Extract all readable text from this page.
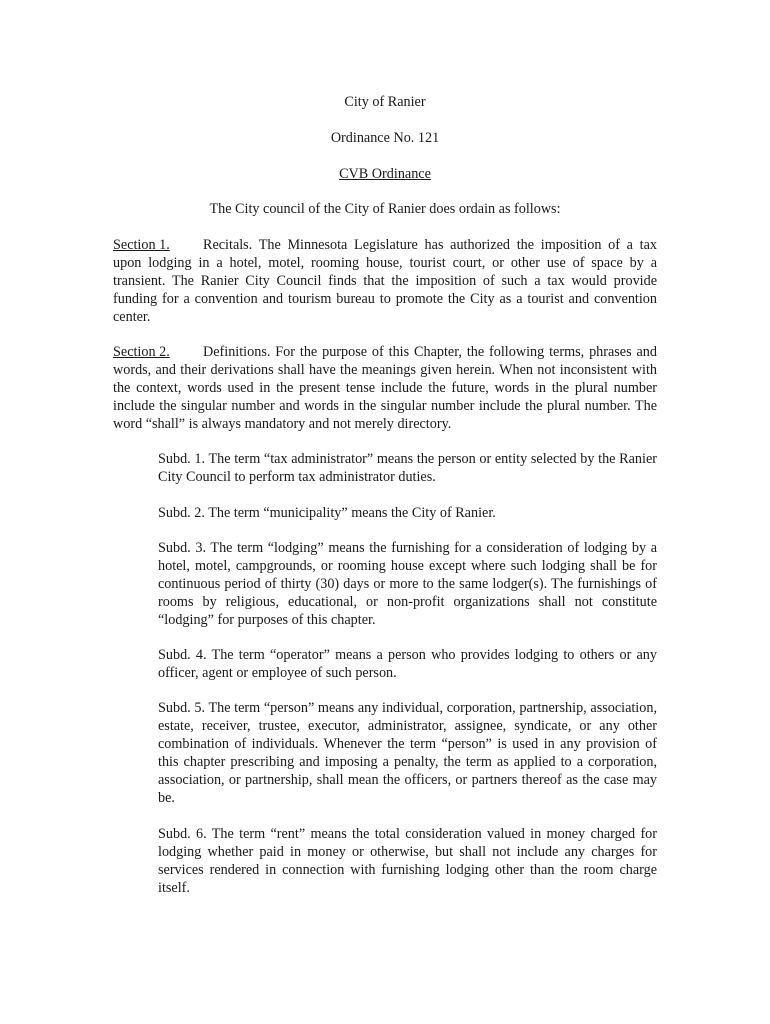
City of Ranier
Ordinance No. 121
CVB Ordinance
The City council of the City of Ranier does ordain as follows:

Section 1. Recitals. The Minnesota Legislature has authorized the imposition of a tax upon lodging in a hotel, motel, rooming house, tourist court, or other use of space by a transient. The Ranier City Council finds that the imposition of such a tax would provide funding for a convention and tourism bureau to promote the City as a tourist and convention center.

Section 2. Definitions. For the purpose of this Chapter, the following terms, phrases and words, and their derivations shall have the meanings given herein. When not inconsistent with the context, words used in the present tense include the future, words in the plural number include the singular number and words in the singular number include the plural number. The word “shall” is always mandatory and not merely directory.

Subd. 1. The term “tax administrator” means the person or entity selected by the Ranier City Council to perform tax administrator duties.

Subd. 2. The term “municipality” means the City of Ranier.

Subd. 3. The term “lodging” means the furnishing for a consideration of lodging by a hotel, motel, campgrounds, or rooming house except where such lodging shall be for continuous period of thirty (30) days or more to the same lodger(s). The furnishings of rooms by religious, educational, or non-profit organizations shall not constitute “lodging” for purposes of this chapter.

Subd. 4. The term “operator” means a person who provides lodging to others or any officer, agent or employee of such person.

Subd. 5. The term “person” means any individual, corporation, partnership, association, estate, receiver, trustee, executor, administrator, assignee, syndicate, or any other combination of individuals. Whenever the term “person” is used in any provision of this chapter prescribing and imposing a penalty, the term as applied to a corporation, association, or partnership, shall mean the officers, or partners thereof as the case may be.

Subd. 6. The term “rent” means the total consideration valued in money charged for lodging whether paid in money or otherwise, but shall not include any charges for services rendered in connection with furnishing lodging other than the room charge itself.
